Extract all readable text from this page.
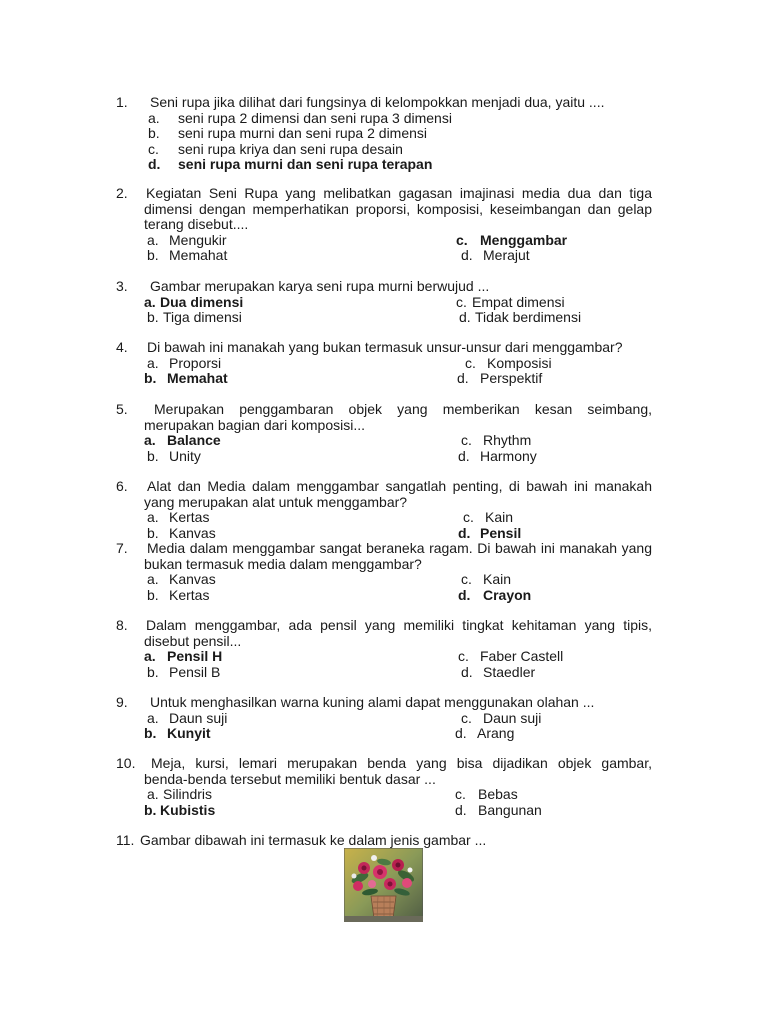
1. Seni rupa jika dilihat dari fungsinya di kelompokkan menjadi dua, yaitu ....
a. seni rupa 2 dimensi dan seni rupa 3 dimensi
b. seni rupa murni dan seni rupa 2 dimensi
c. seni rupa kriya dan seni rupa desain
d. seni rupa murni dan seni rupa terapan
2. Kegiatan Seni Rupa yang melibatkan gagasan imajinasi media dua dan tiga
dimensi dengan memperhatikan proporsi, komposisi, keseimbangan dan gelap
terang disebut....
a. Mengukir	c. Menggambar
b. Memahat	d. Merajut
3. Gambar merupakan karya seni rupa murni berwujud ...
a. Dua dimensi	c. Empat dimensi
b. Tiga dimensi	d. Tidak berdimensi
4. Di bawah ini manakah yang bukan termasuk unsur-unsur dari menggambar?
a. Proporsi	c. Komposisi
b. Memahat	d. Perspektif
5. Merupakan penggambaran objek yang memberikan kesan seimbang,
merupakan bagian dari komposisi...
a. Balance	c. Rhythm
b. Unity	d. Harmony
6. Alat dan Media dalam menggambar sangatlah penting, di bawah ini manakah
yang merupakan alat untuk menggambar?
a. Kertas	c. Kain
b. Kanvas	d. Pensil
7. Media dalam menggambar sangat beraneka ragam. Di bawah ini manakah yang
bukan termasuk media dalam menggambar?
a. Kanvas	c. Kain
b. Kertas	d. Crayon
8. Dalam menggambar, ada pensil yang memiliki tingkat kehitaman yang tipis,
disebut pensil...
a. Pensil H	c. Faber Castell
b. Pensil B	d. Staedler
9. Untuk menghasilkan warna kuning alami dapat menggunakan olahan ...
a. Daun suji	c. Daun suji
b. Kunyit	d. Arang
10. Meja, kursi, lemari merupakan benda yang bisa dijadikan objek gambar,
benda-benda tersebut memiliki bentuk dasar ...
a. Silindris	c. Bebas
b. Kubistis	d. Bangunan
11. Gambar dibawah ini termasuk ke dalam jenis gambar ...
